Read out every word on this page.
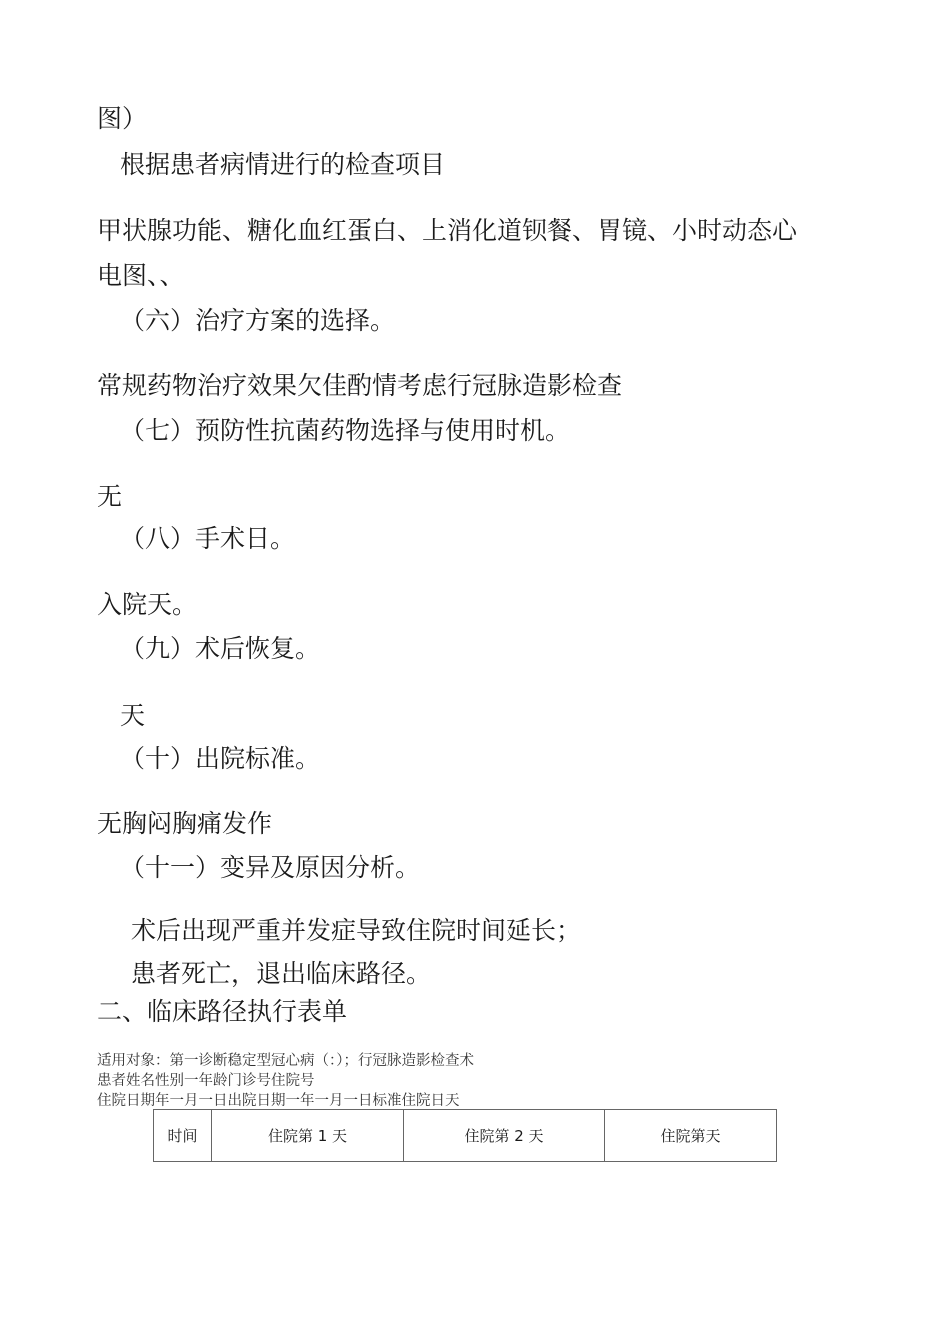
图）
根据患者病情进行的检查项目
甲状腺功能、糖化血红蛋白、上消化道钡餐、胃镜、小时动态心
电图、、
（六）治疗方案的选择。
常规药物治疗效果欠佳酌情考虑行冠脉造影检查
（七）预防性抗菌药物选择与使用时机。
无
（八）手术日。
入院天。
（九）术后恢复。
天
（十）出院标准。
无胸闷胸痛发作
（十一）变异及原因分析。
术后出现严重并发症导致住院时间延长；
患者死亡，退出临床路径。
二、临床路径执行表单
适用对象：第一诊断稳定型冠心病（：）；行冠脉造影检查术
患者姓名性别一年龄门诊号住院号
住院日期年一月一日出院日期一年一月一日标准住院日天
时间	住院第 1 天	住院第 2 天	住院第天
